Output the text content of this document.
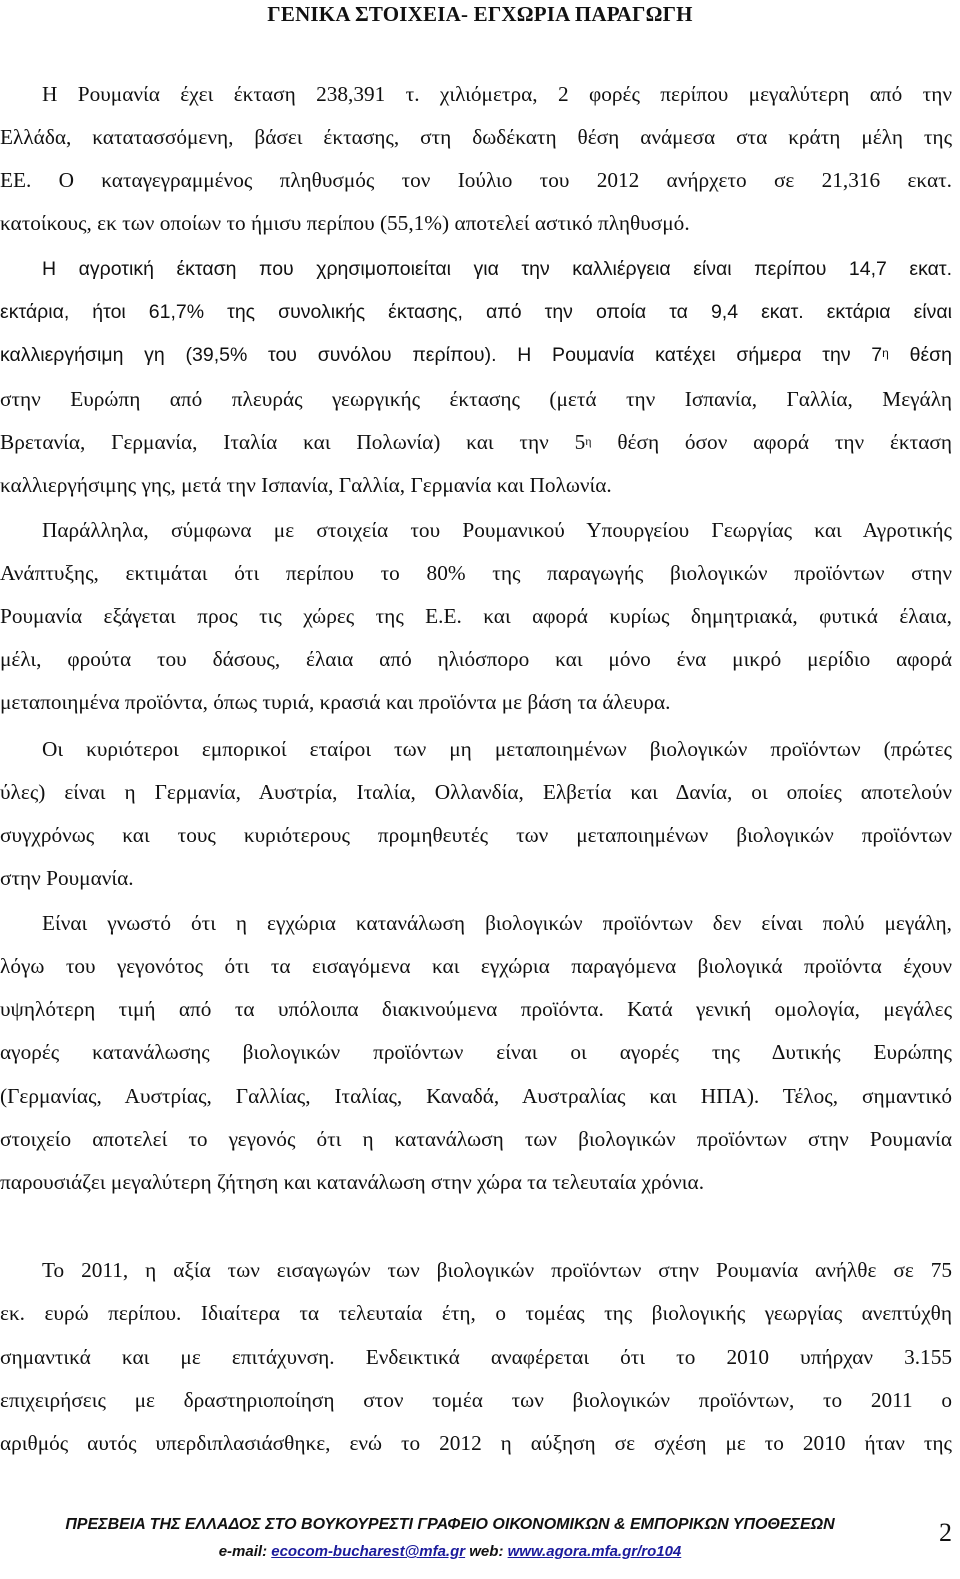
ΓΕΝΙΚΑ ΣΤΟΙΧΕΙΑ- ΕΓΧΩΡΙΑ ΠΑΡΑΓΩΓΗ
Η Ρουμανία έχει έκταση 238,391 τ. χιλιόμετρα, 2 φορές περίπου μεγαλύτερη από την
Ελλάδα, κατατασσόμενη, βάσει έκτασης, στη δωδέκατη θέση ανάμεσα στα κράτη μέλη της
ΕΕ. Ο καταγεγραμμένος πληθυσμός τον Ιούλιο του 2012 ανήρχετο σε 21,316 εκατ.
κατοίκους, εκ των οποίων το ήμισυ περίπου (55,1%) αποτελεί αστικό πληθυσμό.
Η αγροτική έκταση που χρησιμοποιείται για την καλλιέργεια είναι περίπου 14,7 εκατ.
εκτάρια, ήτοι 61,7% της συνολικής έκτασης, από την οποία τα 9,4 εκατ. εκτάρια είναι
καλλιεργήσιμη γη (39,5% του συνόλου περίπου). Η Ρουμανία κατέχει σήμερα την $7^\eta$ θέση
στην Ευρώπη από πλευράς γεωργικής έκτασης (μετά την Ισπανία, Γαλλία, Μεγάλη
Βρετανία, Γερμανία, Ιταλία και Πολωνία) και την $5^\eta$ θέση όσον αφορά την έκταση
καλλιεργήσιμης γης, μετά την Ισπανία, Γαλλία, Γερμανία και Πολωνία.
Παράλληλα, σύμφωνα με στοιχεία του Ρουμανικού Υπουργείου Γεωργίας και Αγροτικής
Ανάπτυξης, εκτιμάται ότι περίπου το 80% της παραγωγής βιολογικών προϊόντων στην
Ρουμανία εξάγεται προς τις χώρες της Ε.Ε. και αφορά κυρίως δημητριακά, φυτικά έλαια,
μέλι, φρούτα του δάσους, έλαια από ηλιόσπορο και μόνο ένα μικρό μερίδιο αφορά
μεταποιημένα προϊόντα, όπως τυριά, κρασιά και προϊόντα με βάση τα άλευρα.
Οι κυριότεροι εμπορικοί εταίροι των μη μεταποιημένων βιολογικών προϊόντων (πρώτες
ύλες) είναι η Γερμανία, Αυστρία, Ιταλία, Ολλανδία, Ελβετία και Δανία, οι οποίες αποτελούν
συγχρόνως και τους κυριότερους προμηθευτές των μεταποιημένων βιολογικών προϊόντων
στην Ρουμανία.
Είναι γνωστό ότι η εγχώρια κατανάλωση βιολογικών προϊόντων δεν είναι πολύ μεγάλη,
λόγω του γεγονότος ότι τα εισαγόμενα και εγχώρια παραγόμενα βιολογικά προϊόντα έχουν
υψηλότερη τιμή από τα υπόλοιπα διακινούμενα προϊόντα. Κατά γενική ομολογία, μεγάλες
αγορές κατανάλωσης βιολογικών προϊόντων είναι οι αγορές της Δυτικής Ευρώπης
(Γερμανίας, Αυστρίας, Γαλλίας, Ιταλίας, Καναδά, Αυστραλίας και ΗΠΑ). Τέλος, σημαντικό
στοιχείο αποτελεί το γεγονός ότι η κατανάλωση των βιολογικών προϊόντων στην Ρουμανία
παρουσιάζει μεγαλύτερη ζήτηση και κατανάλωση στην χώρα τα τελευταία χρόνια.
Το 2011, η αξία των εισαγωγών των βιολογικών προϊόντων στην Ρουμανία ανήλθε σε 75
εκ. ευρώ περίπου. Ιδιαίτερα τα τελευταία έτη, ο τομέας της βιολογικής γεωργίας ανεπτύχθη
σημαντικά και με επιτάχυνση. Ενδεικτικά αναφέρεται ότι το 2010 υπήρχαν 3.155
επιχειρήσεις με δραστηριοποίηση στον τομέα των βιολογικών προϊόντων, το 2011 ο
αριθμός αυτός υπερδιπλασιάσθηκε, ενώ το 2012 η αύξηση σε σχέση με το 2010 ήταν της
ΠΡΕΣΒΕΙΑ ΤΗΣ ΕΛΛΑΔΟΣ ΣΤΟ ΒΟΥΚΟΥΡΕΣΤΙ ΓΡΑΦΕΙΟ ΟΙΚΟΝΟΜΙΚΩΝ & ΕΜΠΟΡΙΚΩΝ ΥΠΟΘΕΣΕΩΝ	2
e-mail: ecocom-bucharest@mfa.gr web: www.agora.mfa.gr/ro104
